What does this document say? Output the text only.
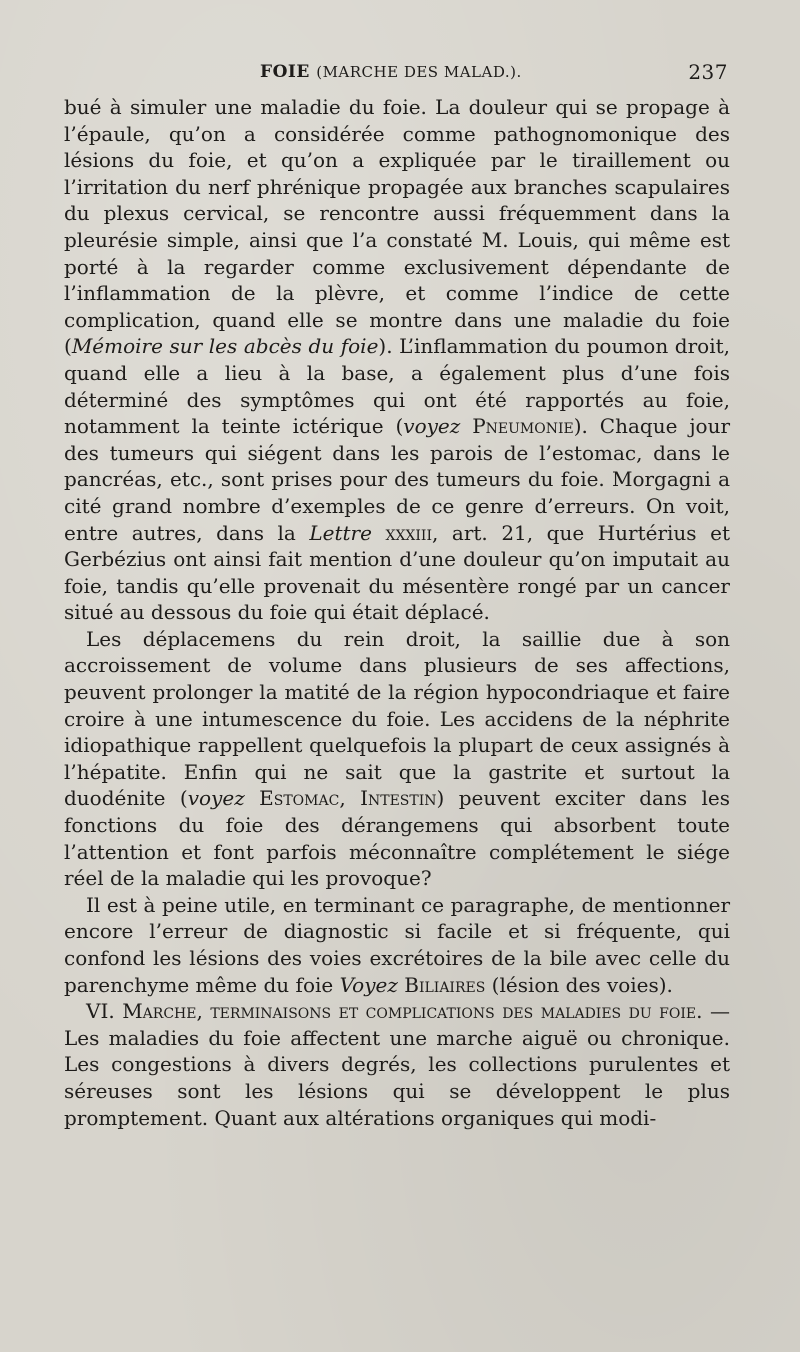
FOIE (MARCHE DES MALAD.).	237

bué à simuler une maladie du foie. La douleur qui se propage à l’épaule, qu’on a considérée comme pathognomonique des lésions du foie, et qu’on a expliquée par le tiraillement ou l’irritation du nerf phrénique propagée aux branches scapulaires du plexus cervical, se rencontre aussi fréquemment dans la pleurésie simple, ainsi que l’a constaté M. Louis, qui même est porté à la regarder comme exclusivement dépendante de l’inflammation de la plèvre, et comme l’indice de cette complication, quand elle se montre dans une maladie du foie (Mémoire sur les abcès du foie). L’inflammation du poumon droit, quand elle a lieu à la base, a également plus d’une fois déterminé des symptômes qui ont été rapportés au foie, notamment la teinte ictérique (voyez Pneumonie). Chaque jour des tumeurs qui siégent dans les parois de l’estomac, dans le pancréas, etc., sont prises pour des tumeurs du foie. Morgagni a cité grand nombre d’exemples de ce genre d’erreurs. On voit, entre autres, dans la Lettre xxxiii, art. 21, que Hurtérius et Gerbézius ont ainsi fait mention d’une douleur qu’on imputait au foie, tandis qu’elle provenait du mésentère rongé par un cancer situé au dessous du foie qui était déplacé.

Les déplacemens du rein droit, la saillie due à son accroissement de volume dans plusieurs de ses affections, peuvent prolonger la matité de la région hypocondriaque et faire croire à une intumescence du foie. Les accidens de la néphrite idiopathique rappellent quelquefois la plupart de ceux assignés à l’hépatite. Enfin qui ne sait que la gastrite et surtout la duodénite (voyez Estomac, Intestin) peuvent exciter dans les fonctions du foie des dérangemens qui absorbent toute l’attention et font parfois méconnaître complétement le siége réel de la maladie qui les provoque?

Il est à peine utile, en terminant ce paragraphe, de mentionner encore l’erreur de diagnostic si facile et si fréquente, qui confond les lésions des voies excrétoires de la bile avec celle du parenchyme même du foie Voyez Biliaires (lésion des voies).

VI. Marche, terminaisons et complications des maladies du foie. — Les maladies du foie affectent une marche aiguë ou chronique. Les congestions à divers degrés, les collections purulentes et séreuses sont les lésions qui se développent le plus promptement. Quant aux altérations organiques qui modi-
